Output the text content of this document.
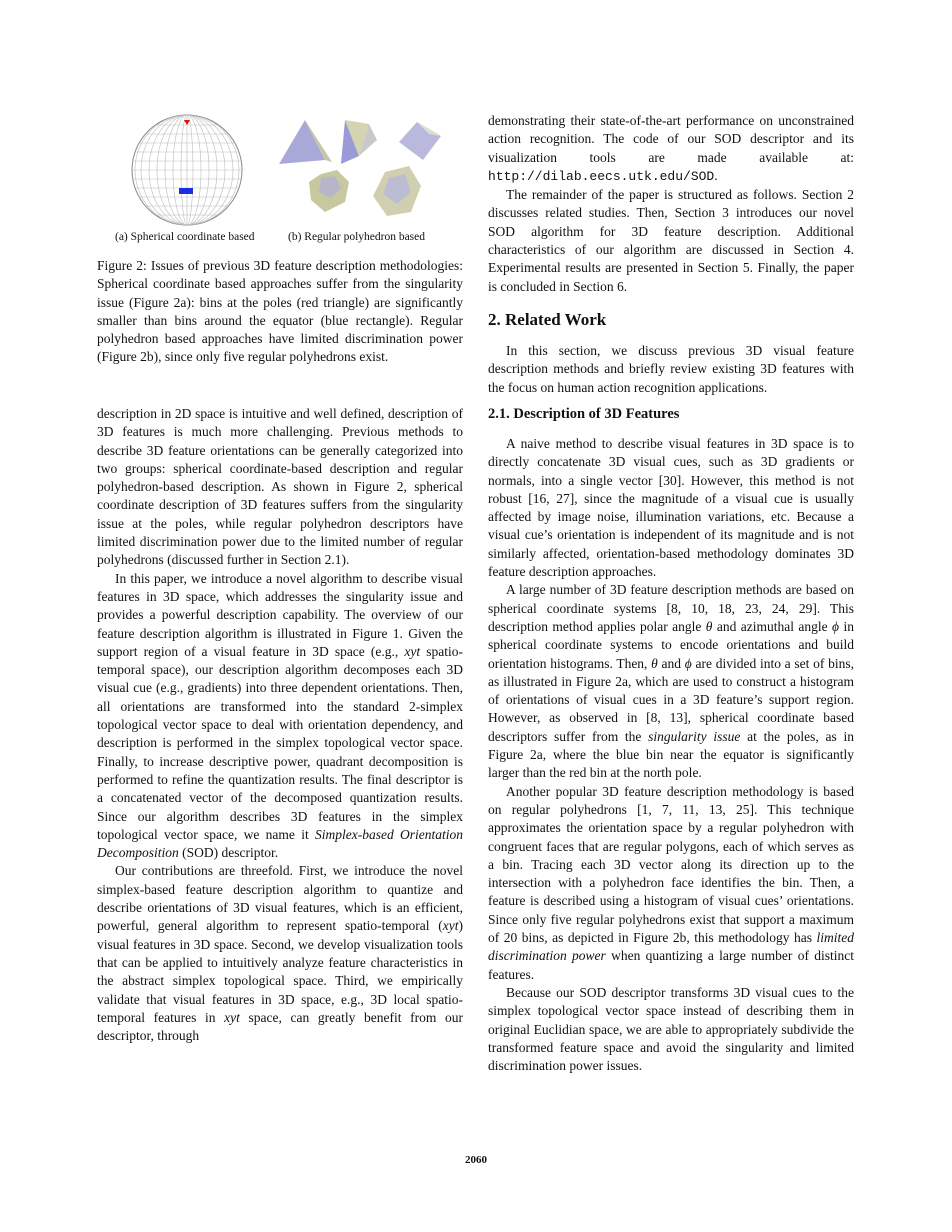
(a) Spherical coordinate based	(b) Regular polyhedron based

Figure 2: Issues of previous 3D feature description methodologies: Spherical coordinate based approaches suffer from the singularity issue (Figure 2a): bins at the poles (red triangle) are significantly smaller than bins around the equator (blue rectangle). Regular polyhedron based approaches have limited discrimination power (Figure 2b), since only five regular polyhedrons exist.

description in 2D space is intuitive and well defined, description of 3D features is much more challenging. Previous methods to describe 3D feature orientations can be generally categorized into two groups: spherical coordinate-based description and regular polyhedron-based description. As shown in Figure 2, spherical coordinate description of 3D features suffers from the singularity issue at the poles, while regular polyhedron descriptors have limited discrimination power due to the limited number of regular polyhedrons (discussed further in Section 2.1).

In this paper, we introduce a novel algorithm to describe visual features in 3D space, which addresses the singularity issue and provides a powerful description capability. The overview of our feature description algorithm is illustrated in Figure 1. Given the support region of a visual feature in 3D space (e.g., xyt spatio-temporal space), our description algorithm decomposes each 3D visual cue (e.g., gradients) into three dependent orientations. Then, all orientations are transformed into the standard 2-simplex topological vector space to deal with orientation dependency, and description is performed in the simplex topological vector space. Finally, to increase descriptive power, quadrant decomposition is performed to refine the quantization results. The final descriptor is a concatenated vector of the decomposed quantization results. Since our algorithm describes 3D features in the simplex topological vector space, we name it Simplex-based Orientation Decomposition (SOD) descriptor.

Our contributions are threefold. First, we introduce the novel simplex-based feature description algorithm to quantize and describe orientations of 3D visual features, which is an efficient, powerful, general algorithm to represent spatio-temporal (xyt) visual features in 3D space. Second, we develop visualization tools that can be applied to intuitively analyze feature characteristics in the abstract simplex topological space. Third, we empirically validate that visual features in 3D space, e.g., 3D local spatio-temporal features in xyt space, can greatly benefit from our descriptor, through

demonstrating their state-of-the-art performance on unconstrained action recognition. The code of our SOD descriptor and its visualization tools are made available at: http://dilab.eecs.utk.edu/SOD.

The remainder of the paper is structured as follows. Section 2 discusses related studies. Then, Section 3 introduces our novel SOD algorithm for 3D feature description. Additional characteristics of our algorithm are discussed in Section 4. Experimental results are presented in Section 5. Finally, the paper is concluded in Section 6.

2. Related Work

In this section, we discuss previous 3D visual feature description methods and briefly review existing 3D features with the focus on human action recognition applications.

2.1. Description of 3D Features

A naive method to describe visual features in 3D space is to directly concatenate 3D visual cues, such as 3D gradients or normals, into a single vector [30]. However, this method is not robust [16, 27], since the magnitude of a visual cue is usually affected by image noise, illumination variations, etc. Because a visual cue’s orientation is independent of its magnitude and is not similarly affected, orientation-based methodology dominates 3D feature description approaches.

A large number of 3D feature description methods are based on spherical coordinate systems [8, 10, 18, 23, 24, 29]. This description method applies polar angle θ and azimuthal angle ϕ in spherical coordinate systems to encode orientations and build orientation histograms. Then, θ and ϕ are divided into a set of bins, as illustrated in Figure 2a, which are used to construct a histogram of orientations of visual cues in a 3D feature’s support region. However, as observed in [8, 13], spherical coordinate based descriptors suffer from the singularity issue at the poles, as in Figure 2a, where the blue bin near the equator is significantly larger than the red bin at the north pole.

Another popular 3D feature description methodology is based on regular polyhedrons [1, 7, 11, 13, 25]. This technique approximates the orientation space by a regular polyhedron with congruent faces that are regular polygons, each of which serves as a bin. Tracing each 3D vector along its direction up to the intersection with a polyhedron face identifies the bin. Then, a feature is described using a histogram of visual cues’ orientations. Since only five regular polyhedrons exist that support a maximum of 20 bins, as depicted in Figure 2b, this methodology has limited discrimination power when quantizing a large number of distinct features.

Because our SOD descriptor transforms 3D visual cues to the simplex topological vector space instead of describing them in original Euclidian space, we are able to appropriately subdivide the transformed feature space and avoid the singularity and limited discrimination power issues.

2060
